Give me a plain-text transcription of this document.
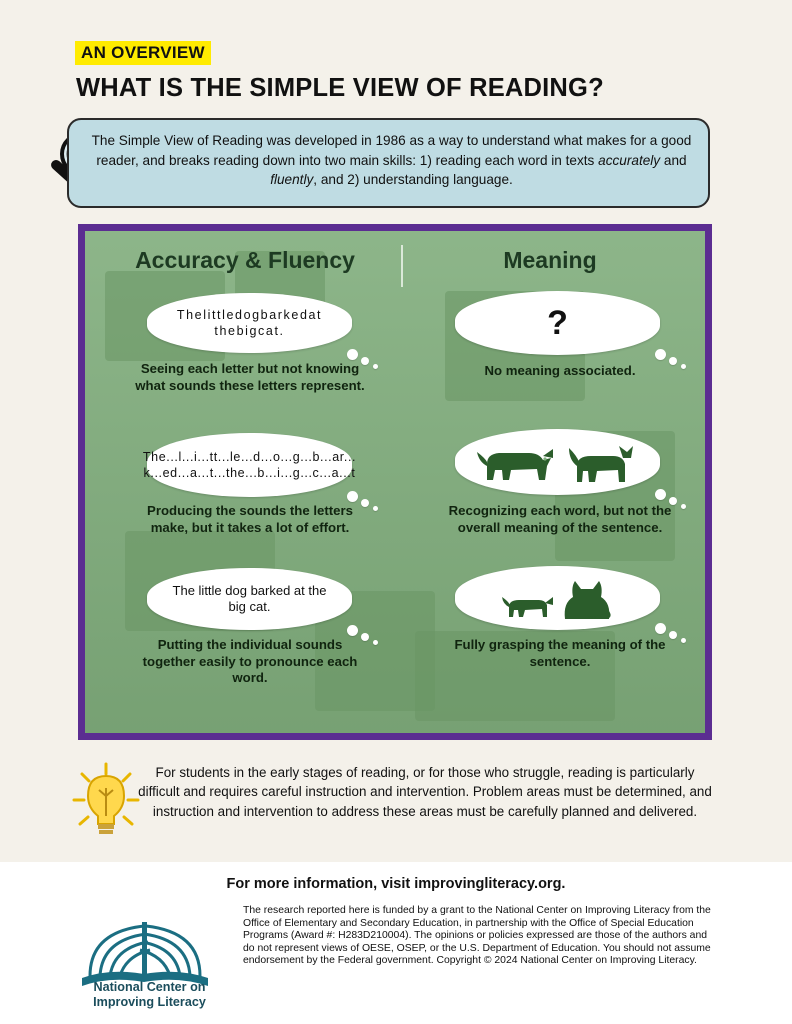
AN OVERVIEW
WHAT IS THE SIMPLE VIEW OF READING?
The Simple View of Reading was developed in 1986 as a way to understand what makes for a good reader, and breaks reading down into two main skills: 1) reading each word in texts accurately and fluently, and 2) understanding language.
Accuracy & Fluency	Meaning
Thelittledogbarkedat thebigcat.
Seeing each letter but not knowing what sounds these letters represent.
The...l...i...tt...le...d...o...g...b...ar... k...ed...a...t...the...b...i...g...c...a...t
Producing the sounds the letters make, but it takes a lot of effort.
The little dog barked at the big cat.
Putting the individual sounds together easily to pronounce each word.
?
No meaning associated.
Recognizing each word, but not the overall meaning of the sentence.
Fully grasping the meaning of the sentence.
For students in the early stages of reading, or for those who struggle, reading is particularly difficult and requires careful instruction and intervention. Problem areas must be determined, and instruction and intervention to address these areas must be carefully planned and delivered.
For more information, visit improvingliteracy.org.
National Center on
Improving Literacy
The research reported here is funded by a grant to the National Center on Improving Literacy from the Office of Elementary and Secondary Education, in partnership with the Office of Special Education Programs (Award #: H283D210004). The opinions or policies expressed are those of the authors and do not represent views of OESE, OSEP, or the U.S. Department of Education. You should not assume endorsement by the Federal government. Copyright © 2024 National Center on Improving Literacy.
